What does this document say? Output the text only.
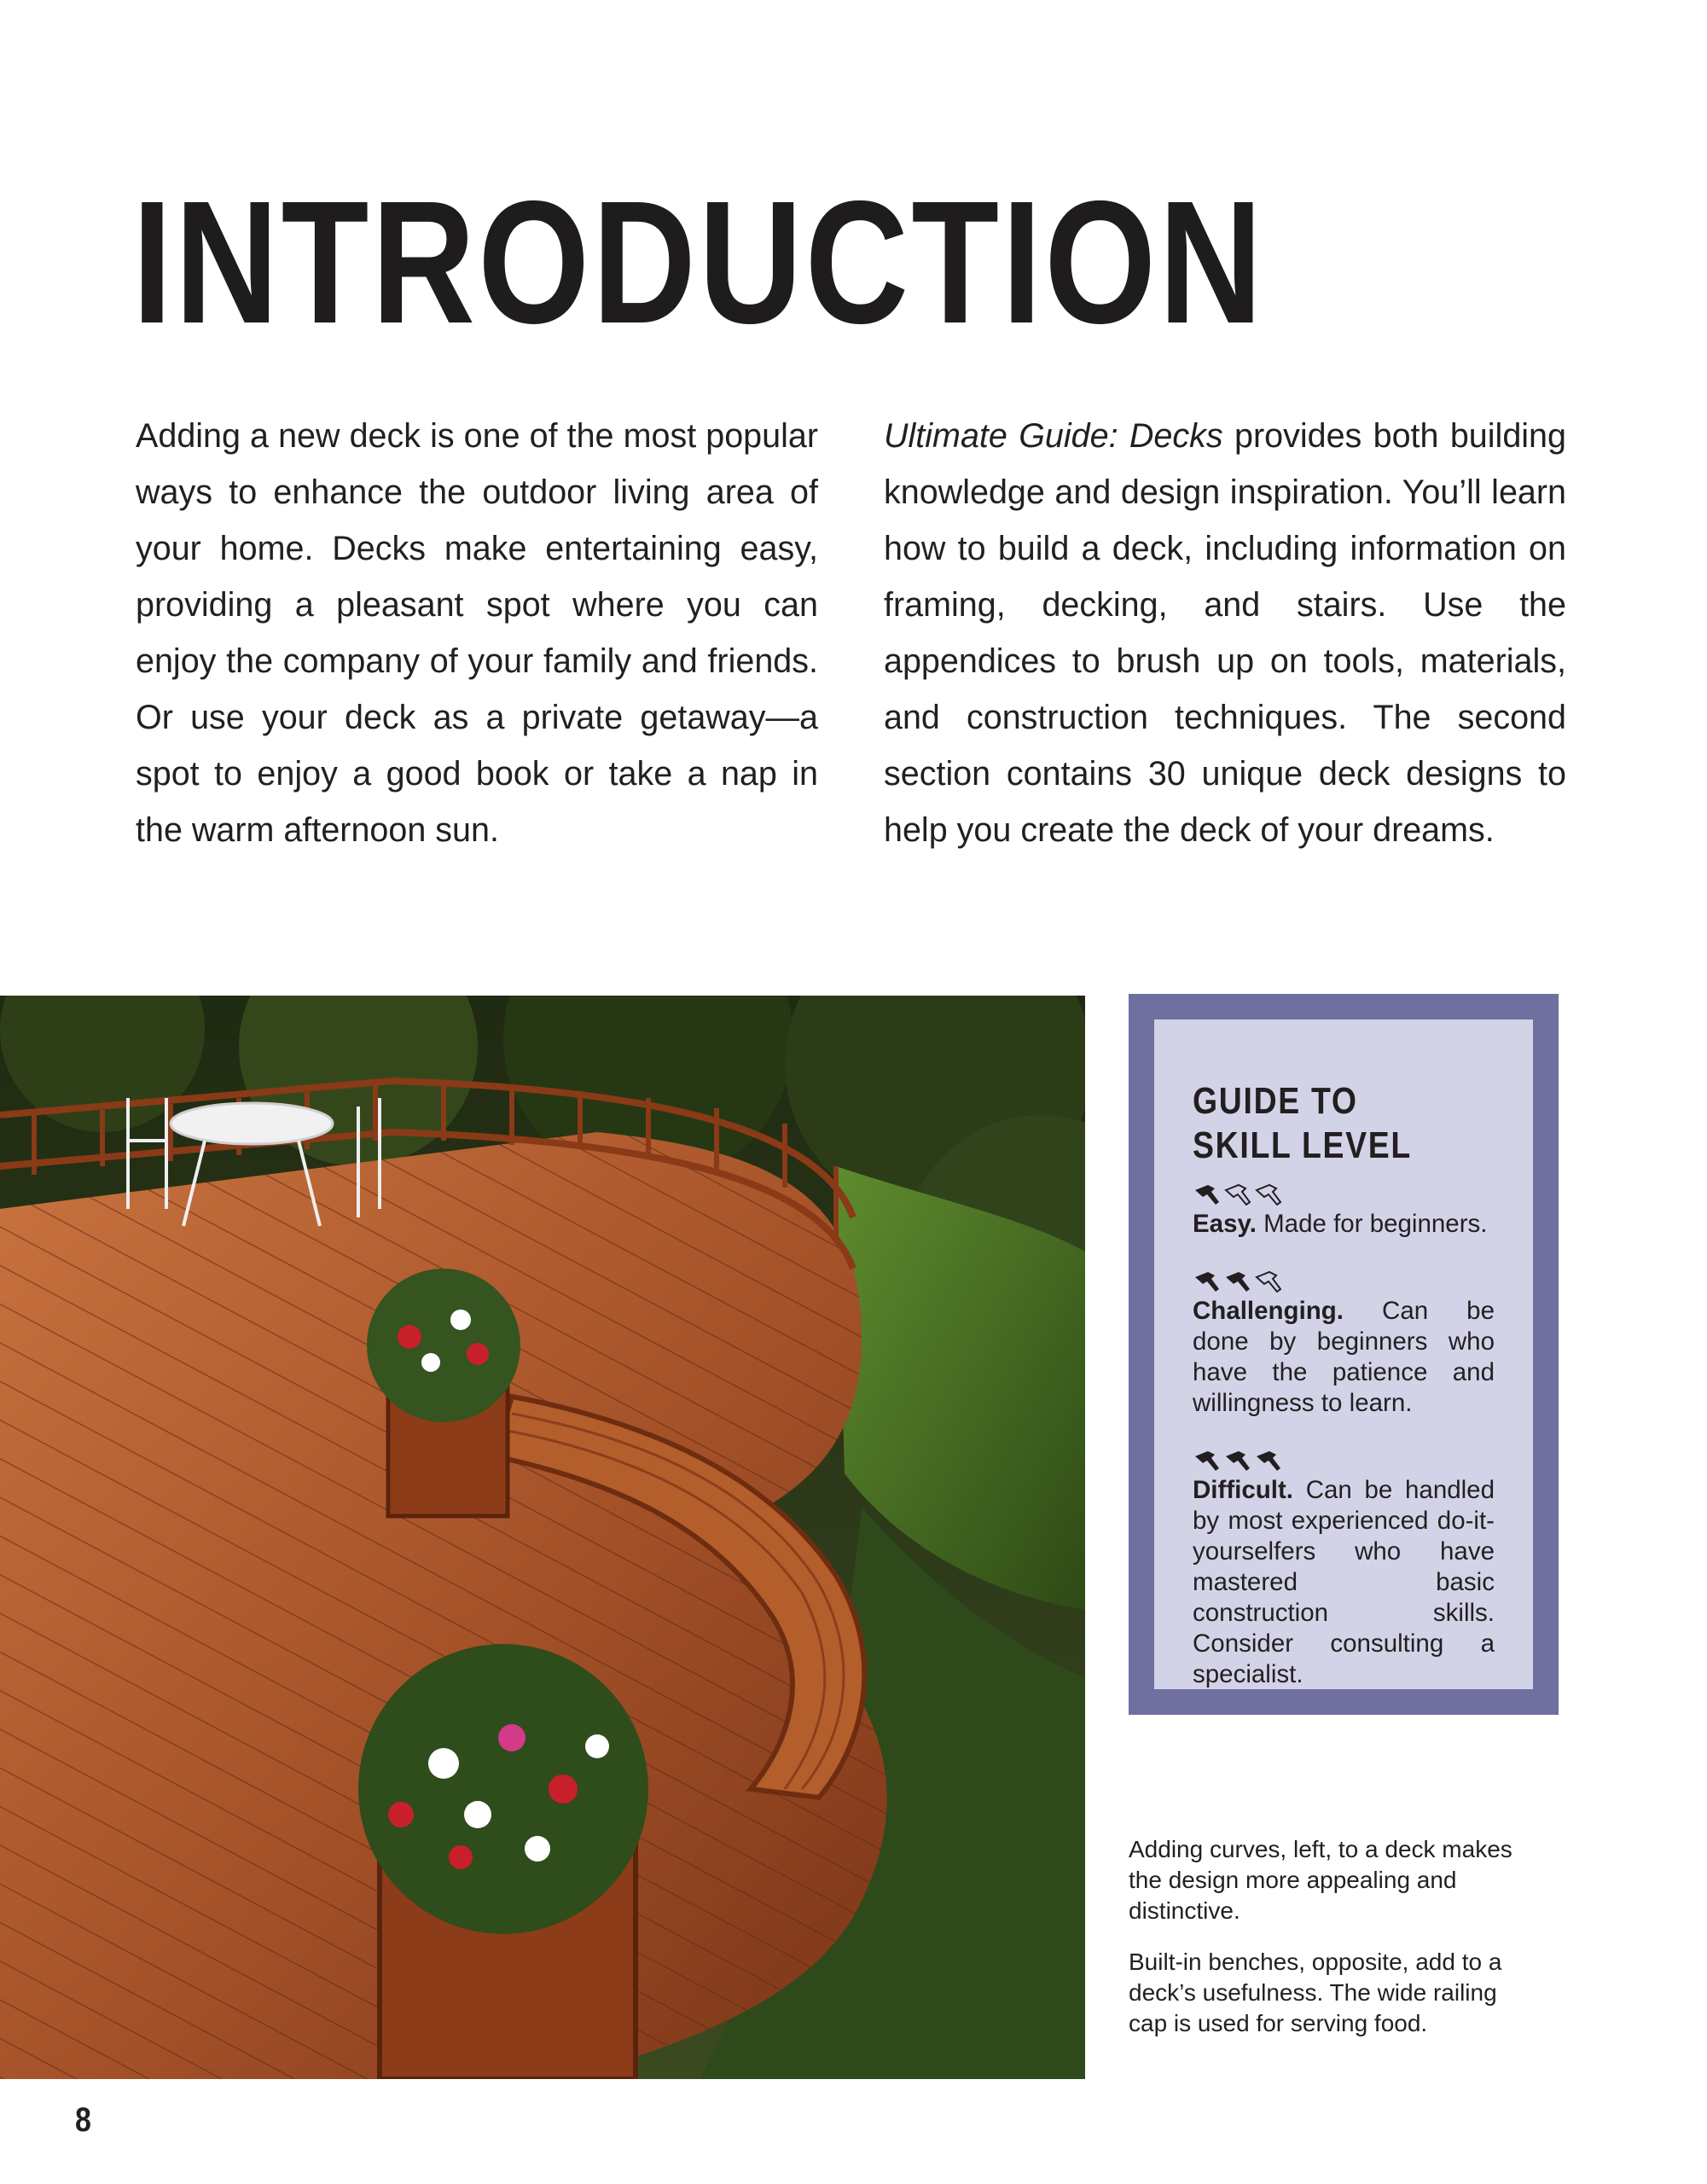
INTRODUCTION
Adding a new deck is one of the most popular ways to enhance the outdoor living area of your home. Decks make entertaining easy, providing a pleasant spot where you can enjoy the company of your family and friends. Or use your deck as a private getaway—a spot to enjoy a good book or take a nap in the warm afternoon sun.
Ultimate Guide: Decks provides both building knowledge and design inspiration. You’ll learn how to build a deck, including information on framing, decking, and stairs. Use the appendices to brush up on tools, materials, and construction techniques. The second section contains 30 unique deck designs to help you create the deck of your dreams.
GUIDE TO
SKILL LEVEL
Easy. Made for beginners.
Challenging. Can be done by beginners who have the patience and willingness to learn.
Difficult. Can be handled by most experienced do-it-yourselfers who have mastered basic construction skills. Consider consulting a specialist.

Adding curves, left, to a deck makes the design more appealing and distinctive.

Built-in benches, opposite, add to a deck’s usefulness. The wide railing cap is used for serving food.

8
